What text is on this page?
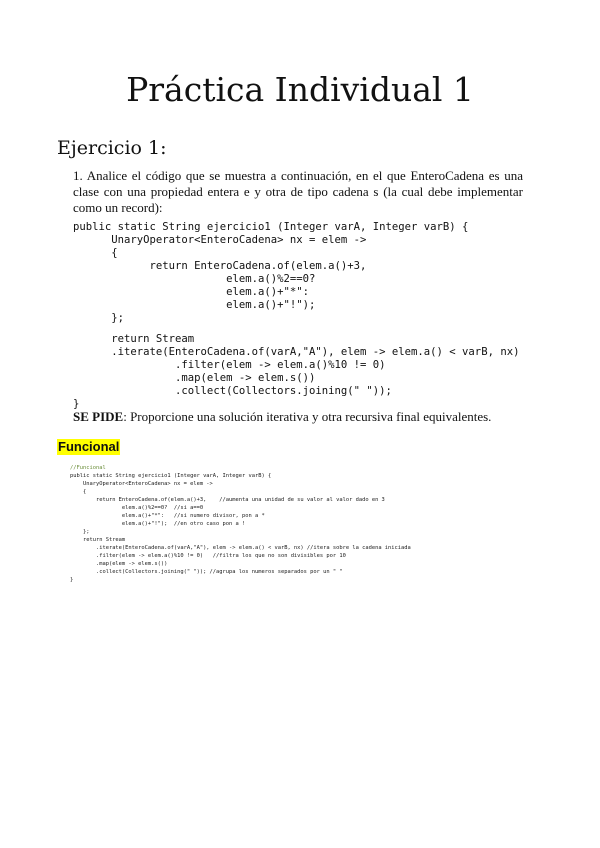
Práctica Individual 1
Ejercicio 1:

1. Analice el código que se muestra a continuación, en el que EnteroCadena es una clase con una propiedad entera e y otra de tipo cadena s (la cual debe implementar como un record):

public static String ejercicio1 (Integer varA, Integer varB) {
UnaryOperator<EnteroCadena> nx = elem ->
{
return EnteroCadena.of(elem.a()+3,
elem.a()%2==0?
elem.a()+"*":
elem.a()+"!");
};
return Stream
.iterate(EnteroCadena.of(varA,"A"), elem -> elem.a() < varB, nx)
.filter(elem -> elem.a()%10 != 0)
.map(elem -> elem.s())
.collect(Collectors.joining(" "));
}

SE PIDE: Proporcione una solución iterativa y otra recursiva final equivalentes.

Funcional
//Funcional
public static String ejercicio1 (Integer varA, Integer varB) {
UnaryOperator<EnteroCadena> nx = elem ->
{
return EnteroCadena.of(elem.a()+3,    //aumenta una unidad de su valor al valor dado en 3
elem.a()%2==0?  //si a==0
elem.a()+"*":   //si numero divisor, pon a *
elem.a()+"!");  //en otro caso pon a !
};
return Stream
.iterate(EnteroCadena.of(varA,"A"), elem -> elem.a() < varB, nx) //itera sobre la cadena iniciada
.filter(elem -> elem.a()%10 != 0)   //filtra los que no son divisibles por 10
.map(elem -> elem.s())
.collect(Collectors.joining(" ")); //agrupa los numeros separados por un " "
}
